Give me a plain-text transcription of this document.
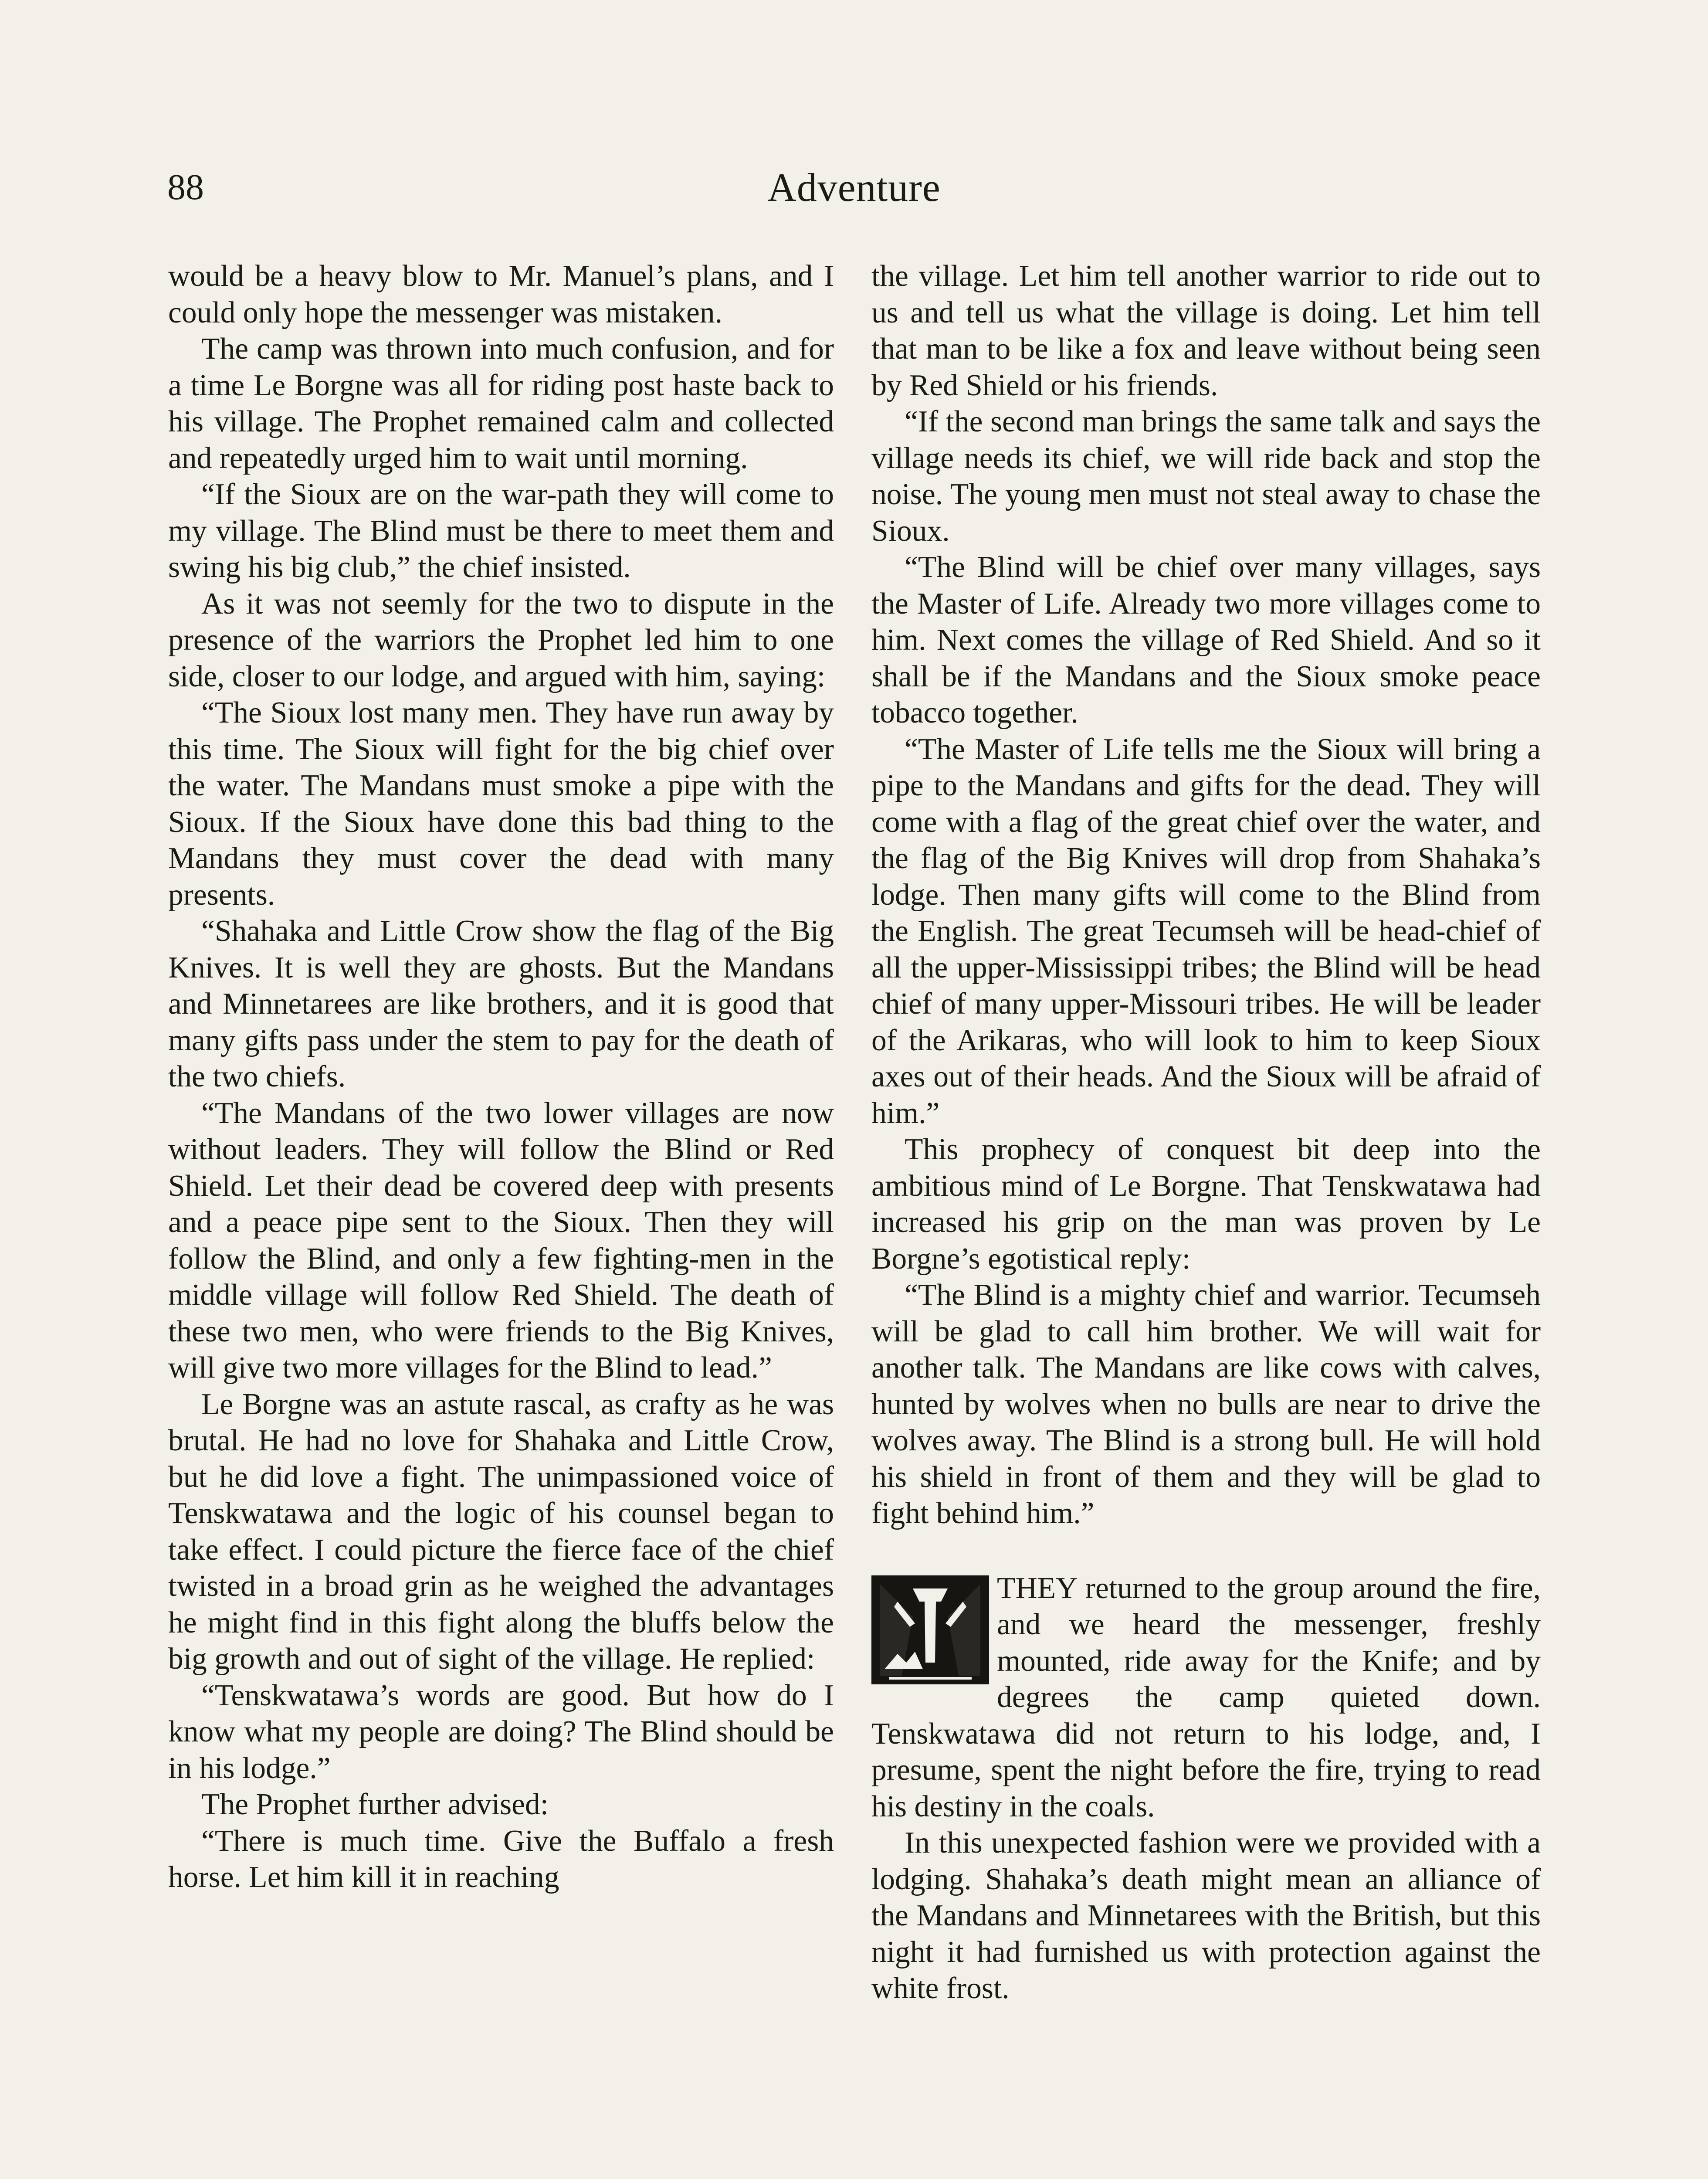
88	Adventure

would be a heavy blow to Mr. Manuel’s plans, and I could only hope the messenger was mistaken.

The camp was thrown into much confusion, and for a time Le Borgne was all for riding post haste back to his village. The Prophet remained calm and collected and repeatedly urged him to wait until morning.

“If the Sioux are on the war-path they will come to my village. The Blind must be there to meet them and swing his big club,” the chief insisted.

As it was not seemly for the two to dispute in the presence of the warriors the Prophet led him to one side, closer to our lodge, and argued with him, saying:

“The Sioux lost many men. They have run away by this time. The Sioux will fight for the big chief over the water. The Mandans must smoke a pipe with the Sioux. If the Sioux have done this bad thing to the Mandans they must cover the dead with many presents.

“Shahaka and Little Crow show the flag of the Big Knives. It is well they are ghosts. But the Mandans and Minnetarees are like brothers, and it is good that many gifts pass under the stem to pay for the death of the two chiefs.

“The Mandans of the two lower villages are now without leaders. They will follow the Blind or Red Shield. Let their dead be covered deep with presents and a peace pipe sent to the Sioux. Then they will follow the Blind, and only a few fighting-men in the middle village will follow Red Shield. The death of these two men, who were friends to the Big Knives, will give two more villages for the Blind to lead.”

Le Borgne was an astute rascal, as crafty as he was brutal. He had no love for Shahaka and Little Crow, but he did love a fight. The unimpassioned voice of Tenskwatawa and the logic of his counsel began to take effect. I could picture the fierce face of the chief twisted in a broad grin as he weighed the advantages he might find in this fight along the bluffs below the big growth and out of sight of the village. He replied:

“Tenskwatawa’s words are good. But how do I know what my people are doing? The Blind should be in his lodge.”

The Prophet further advised:

“There is much time. Give the Buffalo a fresh horse. Let him kill it in reaching

the village. Let him tell another warrior to ride out to us and tell us what the village is doing. Let him tell that man to be like a fox and leave without being seen by Red Shield or his friends.

“If the second man brings the same talk and says the village needs its chief, we will ride back and stop the noise. The young men must not steal away to chase the Sioux.

“The Blind will be chief over many villages, says the Master of Life. Already two more villages come to him. Next comes the village of Red Shield. And so it shall be if the Mandans and the Sioux smoke peace tobacco together.

“The Master of Life tells me the Sioux will bring a pipe to the Mandans and gifts for the dead. They will come with a flag of the great chief over the water, and the flag of the Big Knives will drop from Shahaka’s lodge. Then many gifts will come to the Blind from the English. The great Tecumseh will be head-chief of all the upper-Mississippi tribes; the Blind will be head chief of many upper-Missouri tribes. He will be leader of the Arikaras, who will look to him to keep Sioux axes out of their heads. And the Sioux will be afraid of him.”

This prophecy of conquest bit deep into the ambitious mind of Le Borgne. That Tenskwatawa had increased his grip on the man was proven by Le Borgne’s egotistical reply:

“The Blind is a mighty chief and warrior. Tecumseh will be glad to call him brother. We will wait for another talk. The Mandans are like cows with calves, hunted by wolves when no bulls are near to drive the wolves away. The Blind is a strong bull. He will hold his shield in front of them and they will be glad to fight behind him.”

THEY returned to the group around the fire, and we heard the messenger, freshly mounted, ride away for the Knife; and by degrees the camp quieted down. Tenskwatawa did not return to his lodge, and, I presume, spent the night before the fire, trying to read his destiny in the coals.

In this unexpected fashion were we provided with a lodging. Shahaka’s death might mean an alliance of the Mandans and Minnetarees with the British, but this night it had furnished us with protection against the white frost.
